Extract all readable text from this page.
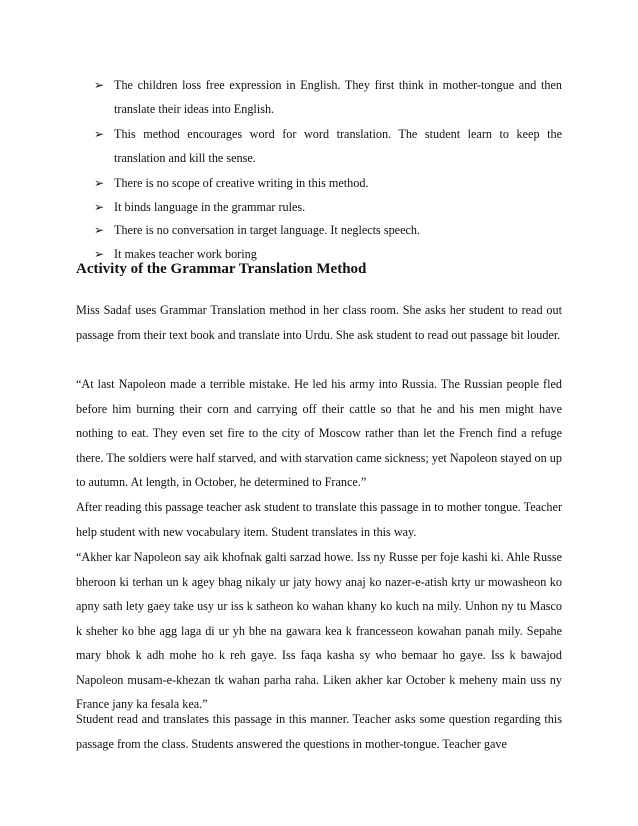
➢ The children loss free expression in English. They first think in mother-tongue and then translate their ideas into English.
➢ This method encourages word for word translation. The student learn to keep the translation and kill the sense.
➢ There is no scope of creative writing in this method.
➢ It binds language in the grammar rules.
➢ There is no conversation in target language. It neglects speech.
➢ It makes teacher work boring
Activity of the Grammar Translation Method

Miss Sadaf uses Grammar Translation method in her class room. She asks her student to read out passage from their text book and translate into Urdu. She ask student to read out passage bit louder.

“At last Napoleon made a terrible mistake. He led his army into Russia. The Russian people fled before him burning their corn and carrying off their cattle so that he and his men might have nothing to eat. They even set fire to the city of Moscow rather than let the French find a refuge there. The soldiers were half starved, and with starvation came sickness; yet Napoleon stayed on up to autumn. At length, in October, he determined to France.”

After reading this passage teacher ask student to translate this passage in to mother tongue. Teacher help student with new vocabulary item. Student translates in this way.

“Akher kar Napoleon say aik khofnak galti sarzad howe. Iss ny Russe per foje kashi ki. Ahle Russe bheroon ki terhan un k agey bhag nikaly ur jaty howy anaj ko nazer-e-atish krty ur mowasheon ko apny sath lety gaey take usy ur iss k satheon ko wahan khany ko kuch na mily. Unhon ny tu Masco k sheher ko bhe agg laga di ur yh bhe na gawara kea k francesseon kowahan panah mily. Sepahe mary bhok k adh mohe ho k reh gaye. Iss faqa kasha sy who bemaar ho gaye. Iss k bawajod Napoleon musam-e-khezan tk wahan parha raha. Liken akher kar October k meheny main uss ny France jany ka fesala kea.”

Student read and translates this passage in this manner. Teacher asks some question regarding this passage from the class. Students answered the questions in mother-tongue. Teacher gave
